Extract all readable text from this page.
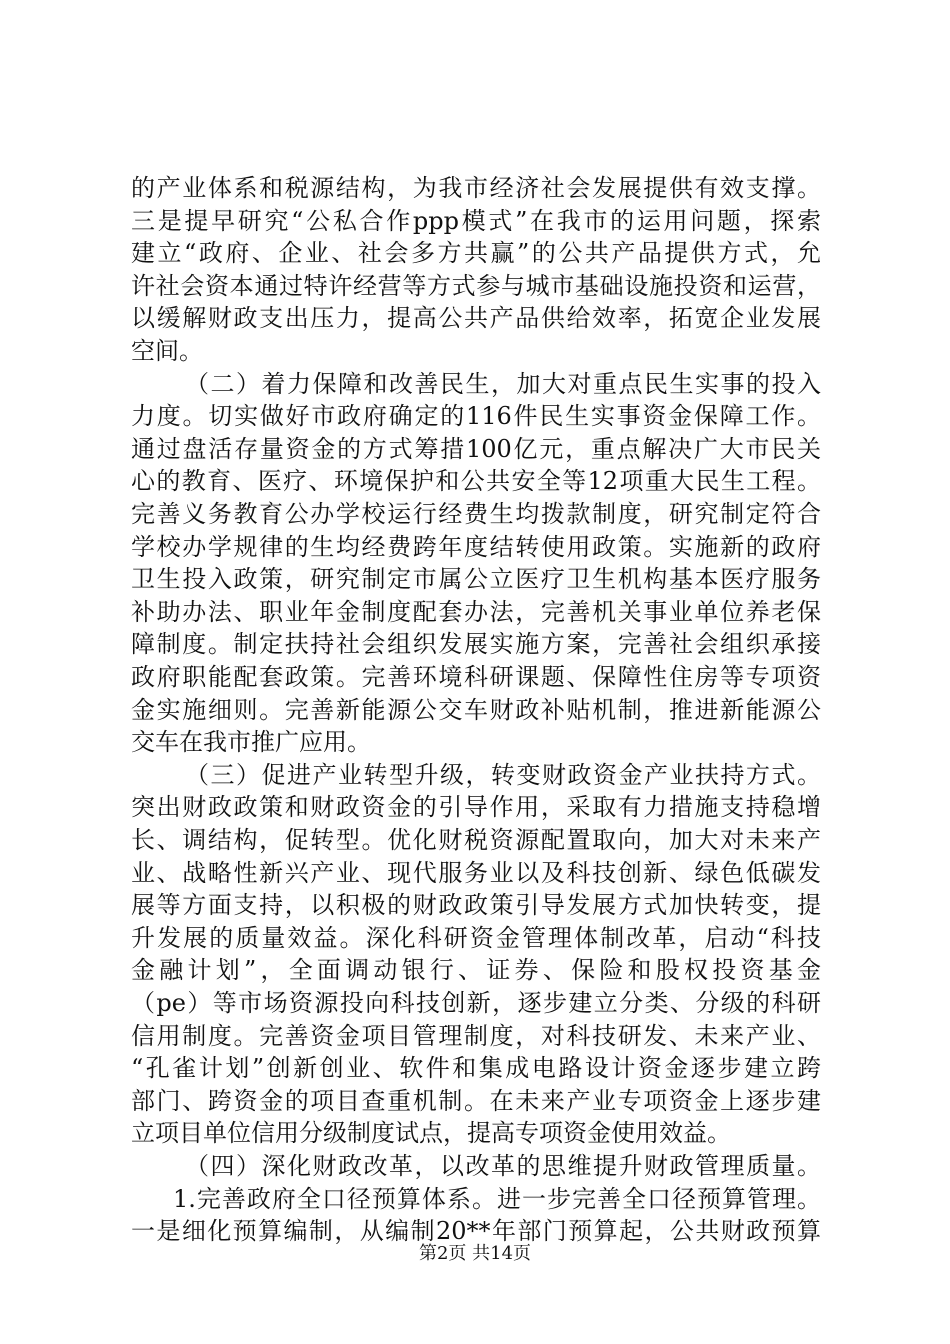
的产业体系和税源结构，为我市经济社会发展提供有效支撑。
三是提早研究“公私合作ppp模式”在我市的运用问题，探索
建立“政府、企业、社会多方共赢”的公共产品提供方式，允
许社会资本通过特许经营等方式参与城市基础设施投资和运营，
以缓解财政支出压力，提高公共产品供给效率，拓宽企业发展
空间。
（二）着力保障和改善民生，加大对重点民生实事的投入
力度。切实做好市政府确定的116件民生实事资金保障工作。
通过盘活存量资金的方式筹措100亿元，重点解决广大市民关
心的教育、医疗、环境保护和公共安全等12项重大民生工程。
完善义务教育公办学校运行经费生均拨款制度，研究制定符合
学校办学规律的生均经费跨年度结转使用政策。实施新的政府
卫生投入政策，研究制定市属公立医疗卫生机构基本医疗服务
补助办法、职业年金制度配套办法，完善机关事业单位养老保
障制度。制定扶持社会组织发展实施方案，完善社会组织承接
政府职能配套政策。完善环境科研课题、保障性住房等专项资
金实施细则。完善新能源公交车财政补贴机制，推进新能源公
交车在我市推广应用。
（三）促进产业转型升级，转变财政资金产业扶持方式。
突出财政政策和财政资金的引导作用，采取有力措施支持稳增
长、调结构，促转型。优化财税资源配置取向，加大对未来产
业、战略性新兴产业、现代服务业以及科技创新、绿色低碳发
展等方面支持，以积极的财政政策引导发展方式加快转变，提
升发展的质量效益。深化科研资金管理体制改革，启动“科技
金融计划”，全面调动银行、证券、保险和股权投资基金
（pe）等市场资源投向科技创新，逐步建立分类、分级的科研
信用制度。完善资金项目管理制度，对科技研发、未来产业、
“孔雀计划”创新创业、软件和集成电路设计资金逐步建立跨
部门、跨资金的项目查重机制。在未来产业专项资金上逐步建
立项目单位信用分级制度试点，提高专项资金使用效益。
（四）深化财政改革，以改革的思维提升财政管理质量。
1.完善政府全口径预算体系。进一步完善全口径预算管理。
一是细化预算编制，从编制20**年部门预算起，公共财政预算
第2页 共14页
